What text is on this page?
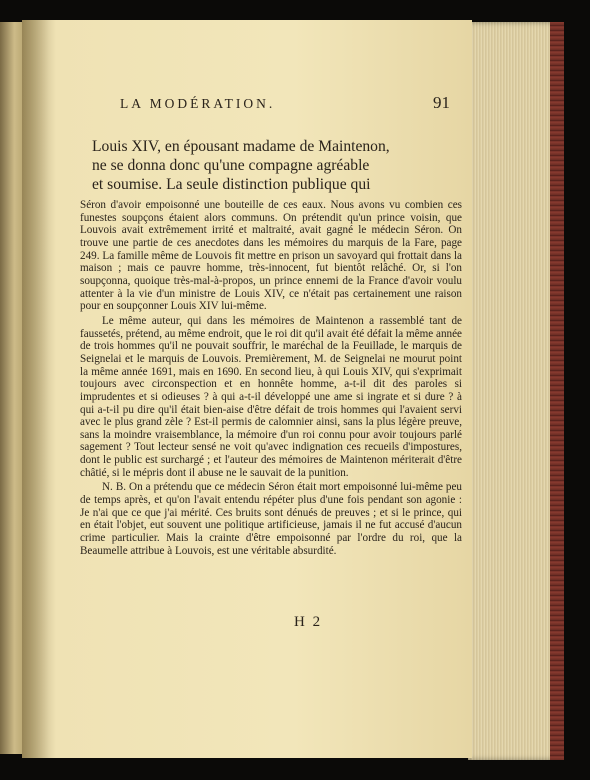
LA MODÉRATION.	91
Louis XIV, en épousant madame de Maintenon,
ne se donna donc qu'une compagne agréable
et soumise. La seule distinction publique qui

Séron d'avoir empoisonné une bouteille de ces eaux. Nous avons vu combien ces funestes soupçons étaient alors communs. On prétendit qu'un prince voisin, que Louvois avait extrêmement irrité et maltraité, avait gagné le médecin Séron. On trouve une partie de ces anecdotes dans les mémoires du marquis de la Fare, page 249. La famille même de Louvois fit mettre en prison un savoyard qui frottait dans la maison ; mais ce pauvre homme, très-innocent, fut bientôt relâché. Or, si l'on soupçonna, quoique très-mal-à-propos, un prince ennemi de la France d'avoir voulu attenter à la vie d'un ministre de Louis XIV, ce n'était pas certainement une raison pour en soupçonner Louis XIV lui-même.

Le même auteur, qui dans les mémoires de Maintenon a rassemblé tant de faussetés, prétend, au même endroit, que le roi dit qu'il avait été défait la même année de trois hommes qu'il ne pouvait souffrir, le maréchal de la Feuillade, le marquis de Seignelai et le marquis de Louvois. Premièrement, M. de Seignelai ne mourut point la même année 1691, mais en 1690. En second lieu, à qui Louis XIV, qui s'exprimait toujours avec circonspection et en honnête homme, a-t-il dit des paroles si imprudentes et si odieuses ? à qui a-t-il développé une ame si ingrate et si dure ? à qui a-t-il pu dire qu'il était bien-aise d'être défait de trois hommes qui l'avaient servi avec le plus grand zèle ? Est-il permis de calomnier ainsi, sans la plus légère preuve, sans la moindre vraisemblance, la mémoire d'un roi connu pour avoir toujours parlé sagement ? Tout lecteur sensé ne voit qu'avec indignation ces recueils d'impostures, dont le public est surchargé ; et l'auteur des mémoires de Maintenon mériterait d'être châtié, si le mépris dont il abuse ne le sauvait de la punition.

N. B. On a prétendu que ce médecin Séron était mort empoisonné lui-même peu de temps après, et qu'on l'avait entendu répéter plus d'une fois pendant son agonie : Je n'ai que ce que j'ai mérité. Ces bruits sont dénués de preuves ; et si le prince, qui en était l'objet, eut souvent une politique artificieuse, jamais il ne fut accusé d'aucun crime particulier. Mais la crainte d'être empoisonné par l'ordre du roi, que la Beaumelle attribue à Louvois, est une véritable absurdité.

H 2
